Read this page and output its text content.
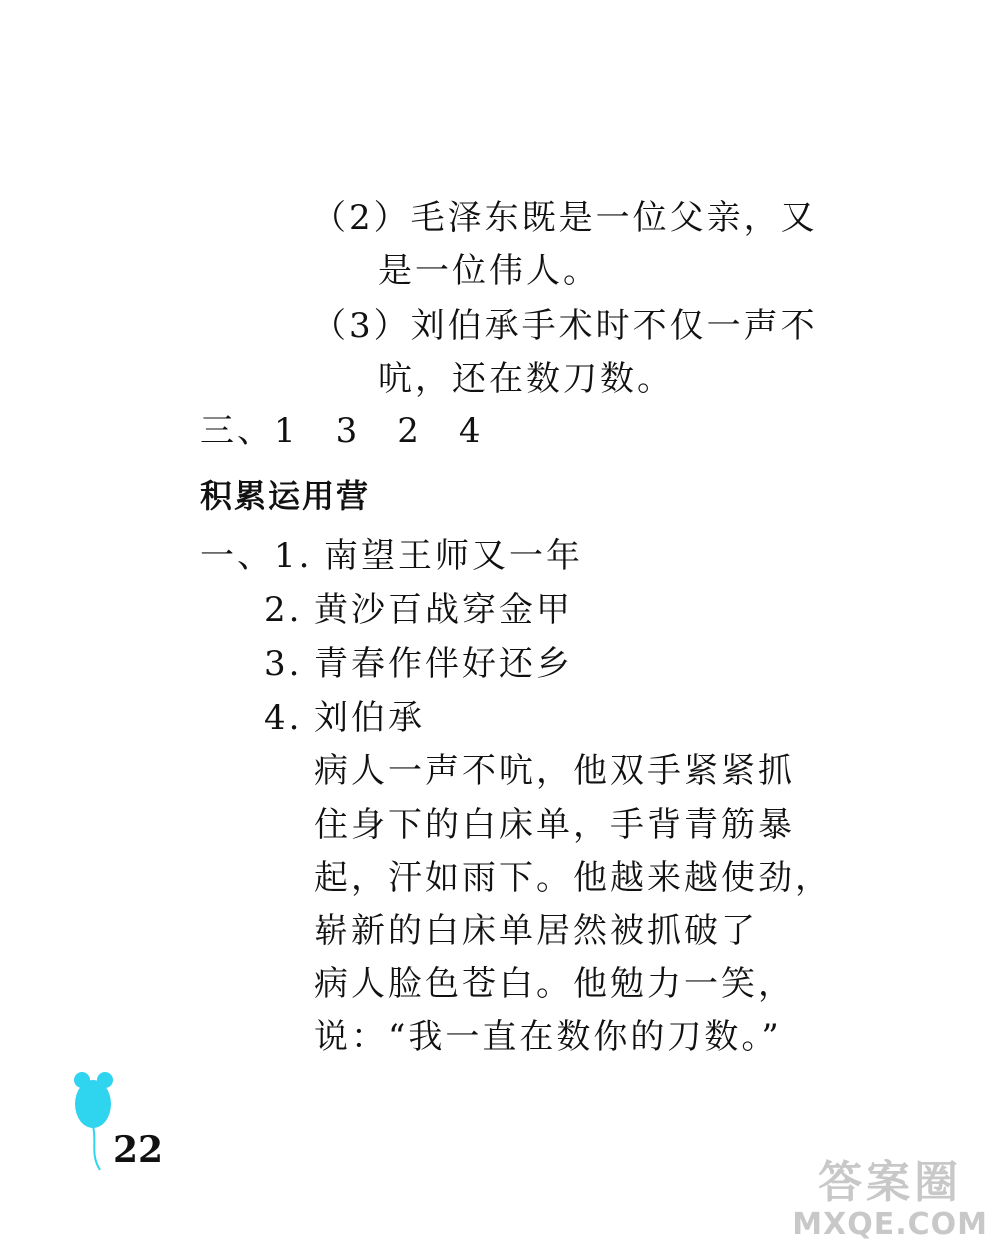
（2）毛泽东既是一位父亲，又
是一位伟人。
（3）刘伯承手术时不仅一声不
吭，还在数刀数。
三、1　3　2　4
积累运用营
一、1. 南望王师又一年
2. 黄沙百战穿金甲
3. 青春作伴好还乡
4. 刘伯承
病人一声不吭，他双手紧紧抓
住身下的白床单，手背青筋暴
起，汗如雨下。他越来越使劲，
崭新的白床单居然被抓破了
病人脸色苍白。他勉力一笑，
说：“我一直在数你的刀数。”
22
答案圈
MXQE.COM
